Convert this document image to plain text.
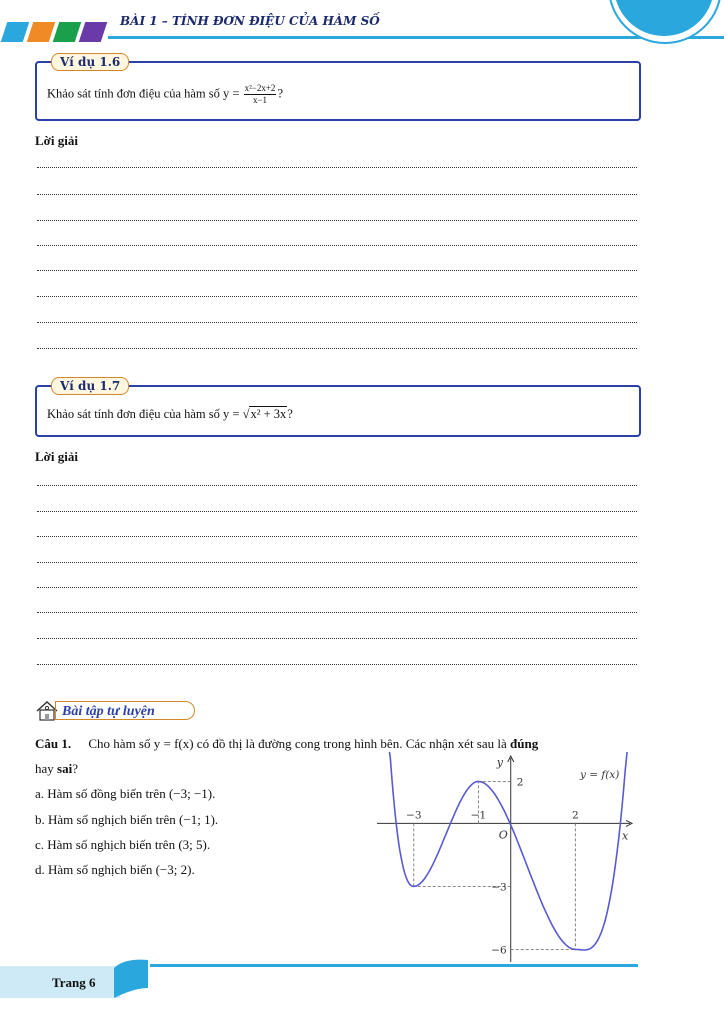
BÀI 1 – TÍNH ĐƠN ĐIỆU CỦA HÀM SỐ
Ví dụ 1.6
Khảo sát tính đơn điệu của hàm số $y = \frac{\text{x²−2x+2}}{x-1}$ ?
Lời giải
Ví dụ 1.7
Khảo sát tính đơn điệu của hàm số y = √x² + 3x?
Lời giải
Bài tập tự luyện
Câu 1. Cho hàm số y = f(x) có đồ thị là đường cong trong hình bên. Các nhận xét sau là đúng
hay sai?
a. Hàm số đồng biến trên (−3; −1).
b. Hàm số nghịch biến trên (−1; 1).
c. Hàm số nghịch biến trên (3; 5).
d. Hàm số nghịch biến (−3; 2).
x
y
O
−3	−1	2
2
−3
−6
y = f(x)
Trang 6
